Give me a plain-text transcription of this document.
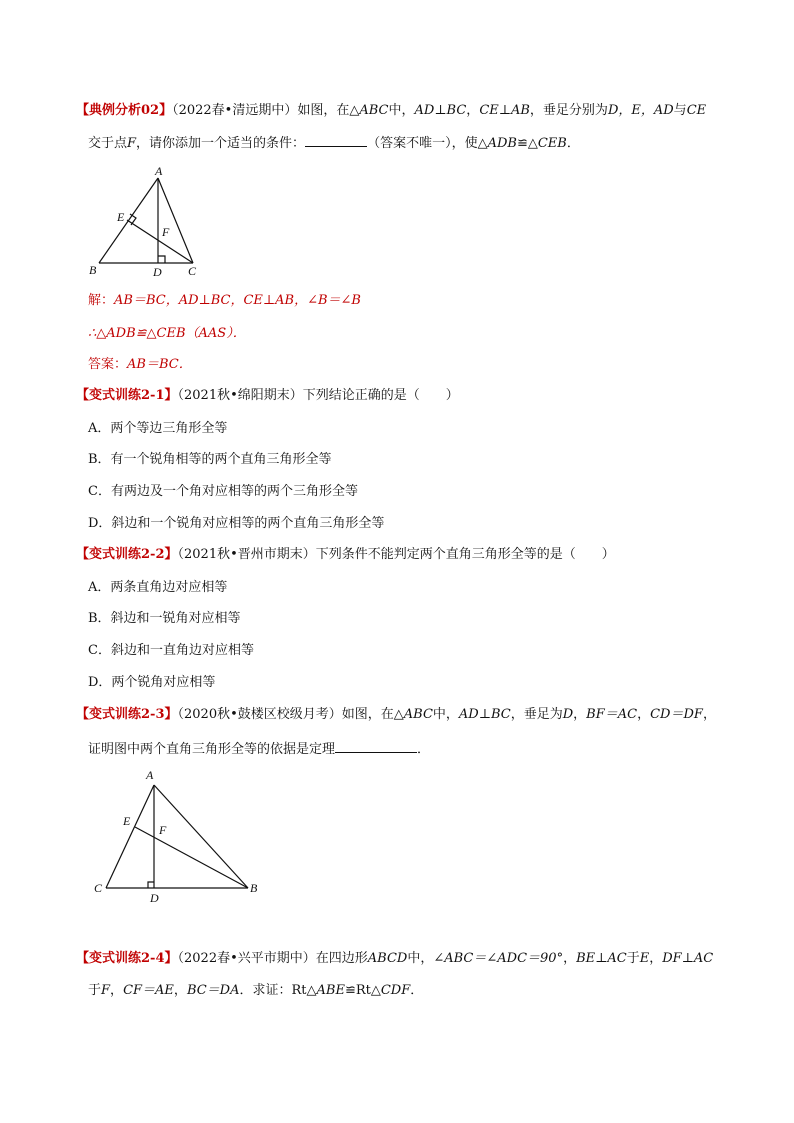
【典例分析02】（2022春•清远期中）如图，在△ABC中，AD⊥BC，CE⊥AB，垂足分别为D，E，AD与CE
交于点F，请你添加一个适当的条件：	（答案不唯一），使△ADB≌△CEB．
A
B	C
D
E
F
解：AB＝BC，AD⊥BC，CE⊥AB，∠B＝∠B
∴△ADB≌△CEB（AAS）．
答案：AB＝BC．
【变式训练2-1】（2021秋•绵阳期末）下列结论正确的是（　　）
A．两个等边三角形全等
B．有一个锐角相等的两个直角三角形全等
C．有两边及一个角对应相等的两个三角形全等
D．斜边和一个锐角对应相等的两个直角三角形全等
【变式训练2-2】（2021秋•晋州市期末）下列条件不能判定两个直角三角形全等的是（　　）
A．两条直角边对应相等
B．斜边和一锐角对应相等
C．斜边和一直角边对应相等
D．两个锐角对应相等
【变式训练2-3】（2020秋•鼓楼区校级月考）如图，在△ABC中，AD⊥BC，垂足为D，BF＝AC，CD＝DF，
证明图中两个直角三角形全等的依据是定理	．
A
B
C
D
E
F
【变式训练2-4】（2022春•兴平市期中）在四边形ABCD中，∠ABC＝∠ADC＝90°，BE⊥AC于E，DF⊥AC
于F，CF＝AE，BC＝DA．求证：Rt△ABE≌Rt△CDF．
